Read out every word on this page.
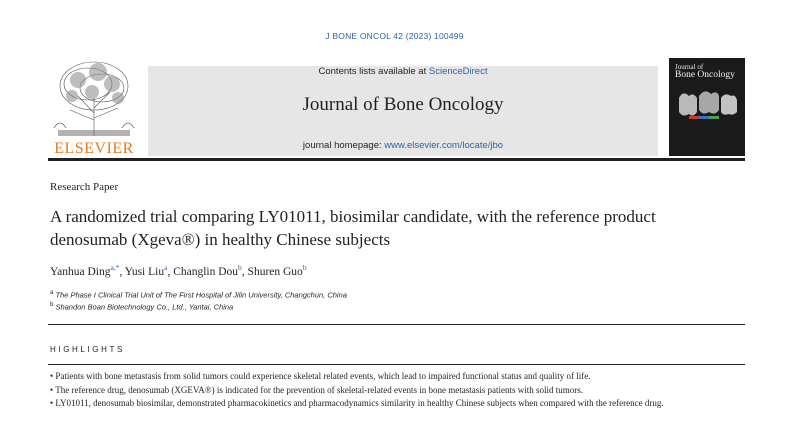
J BONE ONCOL 42 (2023) 100499
ELSEVIER
Contents lists available at ScienceDirect
Journal of Bone Oncology
journal homepage: www.elsevier.com/locate/jbo
Journal of
Bone Oncology
Research Paper
A randomized trial comparing LY01011, biosimilar candidate, with the reference product denosumab (Xgeva®) in healthy Chinese subjects
Yanhua Ding$^{a,*}$, Yusi Liu$^a$, Changlin Dou$^b$, Shuren Guo$^b$
$^a$ The Phase I Clinical Trial Unit of The First Hospital of Jilin University, Changchun, China
$^b$ Shandon Boan Biotechnology Co., Ltd., Yantai, China
HIGHLIGHTS
• Patients with bone metastasis from solid tumors could experience skeletal related events, which lead to impaired functional status and quality of life.
• The reference drug, denosumab (XGEVA®) is indicated for the prevention of skeletal-related events in bone metastasis patients with solid tumors.
• LY01011, denosumab biosimilar, demonstrated pharmacokinetics and pharmacodynamics similarity in healthy Chinese subjects when compared with the reference drug.
